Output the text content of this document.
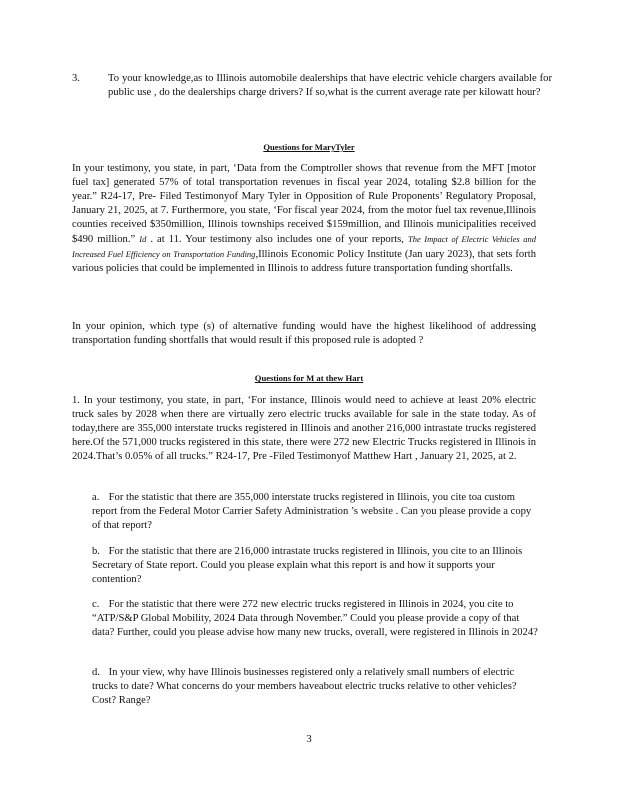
3.	To your knowledge,as to Illinois automobile dealerships that have electric vehicle chargers available for public use , do the dealerships charge drivers? If so,what is the current average rate per kilowatt hour?
Questions for MaryTyler
In your testimony, you state, in part, ‘Data from the Comptroller shows that revenue from the MFT [motor fuel tax] generated 57% of total transportation revenues in fiscal year 2024, totaling $2.8 billion for the year.” R24-17, Pre- Filed Testimonyof Mary Tyler in Opposition of Rule Proponents’ Regulatory Proposal, January 21, 2025, at 7. Furthermore, you state, ‘For fiscal year 2024, from the motor fuel tax revenue,Illinois counties received $350million, Illinois townships received $159million, and Illinois municipalities received $490 million.” Id . at 11. Your testimony also includes one of your reports, The Impact of Electric Vehicles and Increased Fuel Efficiency on Transportation Funding,Illinois Economic Policy Institute (Jan uary 2023), that sets forth various policies that could be implemented in Illinois to address future transportation funding shortfalls.
In your opinion, which type (s) of alternative funding would have the highest likelihood of addressing transportation funding shortfalls that would result if this proposed rule is adopted ?
Questions for M at thew Hart
1. In your testimony, you state, in part, ‘For instance, Illinois would need to achieve at least 20% electric truck sales by 2028 when there are virtually zero electric trucks available for sale in the state today. As of today,there are 355,000 interstate trucks registered in Illinois and another 216,000 intrastate trucks registered here.Of the 571,000 trucks registered in this state, there were 272 new Electric Trucks registered in Illinois in 2024.That’s 0.05% of all trucks.” R24-17, Pre -Filed Testimonyof Matthew Hart , January 21, 2025, at 2.
a. For the statistic that there are 355,000 interstate trucks registered in Illinois, you cite toa custom report from the Federal Motor Carrier Safety Administration ’s website . Can you please provide a copy of that report?
b. For the statistic that there are 216,000 intrastate trucks registered in Illinois, you cite to an Illinois Secretary of State report. Could you please explain what this report is and how it supports your contention?
c. For the statistic that there were 272 new electric trucks registered in Illinois in 2024, you cite to “ATP/S&P Global Mobility, 2024 Data through November.” Could you please provide a copy of that data? Further, could you please advise how many new trucks, overall, were registered in Illinois in 2024?
d. In your view, why have Illinois businesses registered only a relatively small numbers of electric trucks to date? What concerns do your members haveabout electric trucks relative to other vehicles? Cost? Range?
3
